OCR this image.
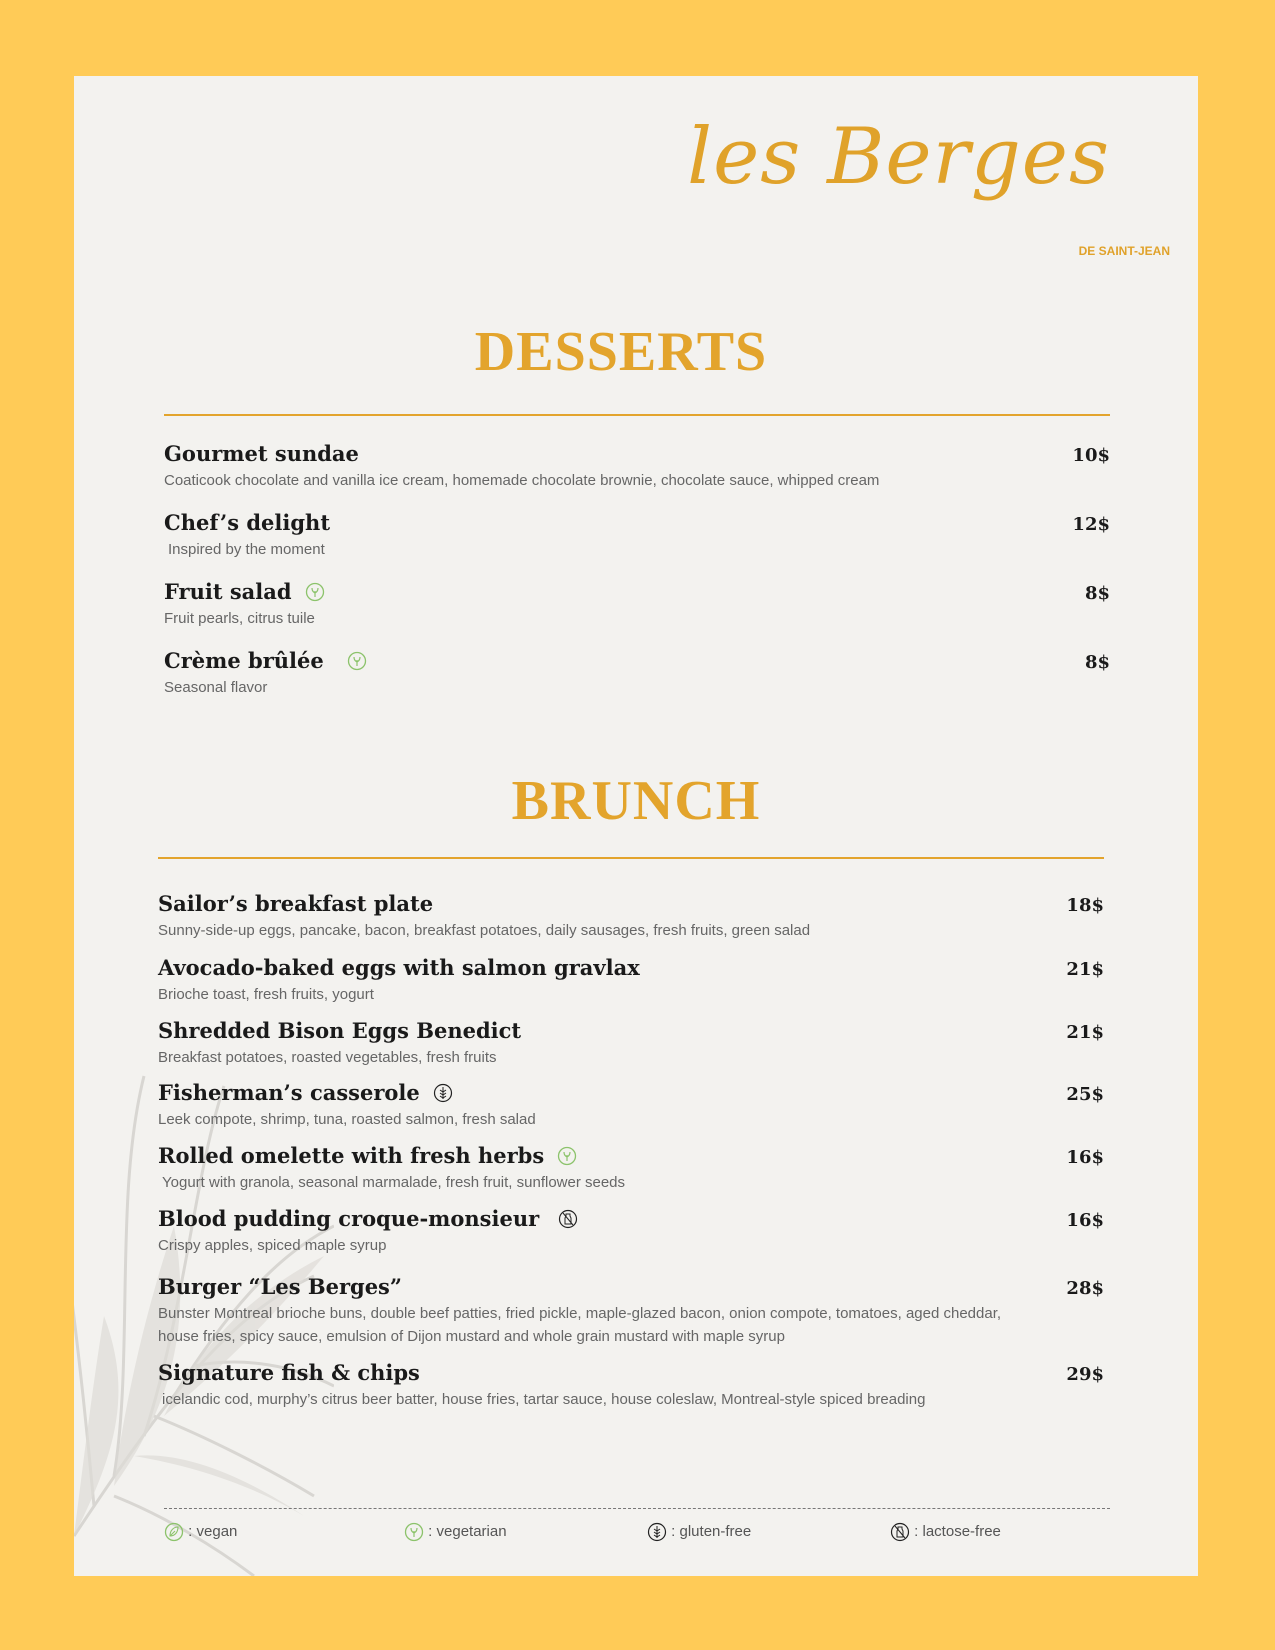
les Berges
DE SAINT-JEAN
DESSERTS
Gourmet sundae	10$
Coaticook chocolate and vanilla ice cream, homemade chocolate brownie, chocolate sauce, whipped cream
Chef’s delight	12$
Inspired by the moment
Fruit salad	8$
Fruit pearls, citrus tuile
Crème brûlée	8$
Seasonal flavor
BRUNCH
Sailor’s breakfast plate	18$
Sunny-side-up eggs, pancake, bacon, breakfast potatoes, daily sausages, fresh fruits, green salad
Avocado-baked eggs with salmon gravlax	21$
Brioche toast, fresh fruits, yogurt
Shredded Bison Eggs Benedict	21$
Breakfast potatoes, roasted vegetables, fresh fruits
Fisherman’s casserole	25$
Leek compote, shrimp, tuna, roasted salmon, fresh salad
Rolled omelette with fresh herbs	16$
Yogurt with granola, seasonal marmalade, fresh fruit, sunflower seeds
Blood pudding croque-monsieur	16$
Crispy apples, spiced maple syrup
Burger “Les Berges”	28$
Bunster Montreal brioche buns, double beef patties, fried pickle, maple-glazed bacon, onion compote, tomatoes, aged cheddar, house fries, spicy sauce, emulsion of Dijon mustard and whole grain mustard with maple syrup
Signature fish & chips	29$
icelandic cod, murphy’s citrus beer batter, house fries, tartar sauce, house coleslaw, Montreal-style spiced breading
: vegan	: vegetarian	: gluten-free	: lactose-free
